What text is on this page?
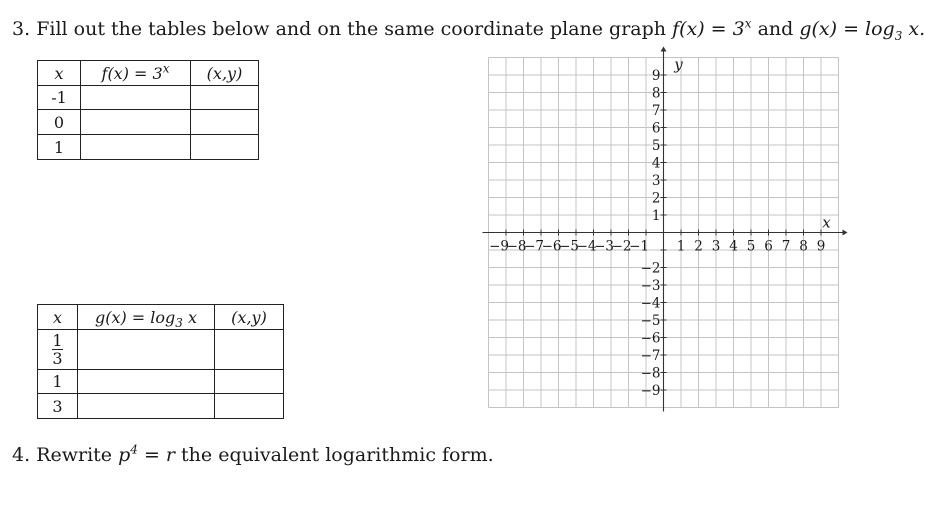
3. Fill out the tables below and on the same coordinate plane graph $f(x) = 3^x$ and $g(x) = \log_3 x$.
x	$f(x) = 3^x$	(x,y)
-1		
0		
1		
x	$g(x) = \log_3 x$	(x,y)

$\frac{1}{3}$

1		
3		
−9
−8
−7
−6
−5
−4
−3
−2
−1 1 2 3 4 5 6 7 8 9
9
8
7
6
5
4
3
2
1
−2
−3
−4
−5
−6
−7
−8
−9
x
y
4. Rewrite $p^4 = r$ the equivalent logarithmic form.
